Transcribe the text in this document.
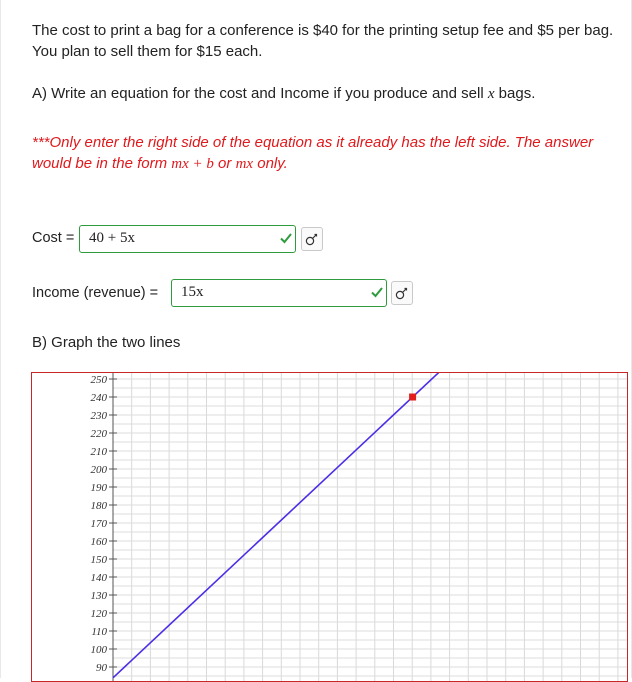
The cost to print a bag for a conference is $40 for the printing setup fee and $5 per bag. You plan to sell them for $15 each.
A) Write an equation for the cost and Income if you produce and sell x bags.
***Only enter the right side of the equation as it already has the left side. The answer would be in the form mx + b or mx only.
Cost = 40 + 5x
Income (revenue) = 15x
B) Graph the two lines
250
240
230
220
210
200
190
180
170
160
150
140
130
120
110
100
90
